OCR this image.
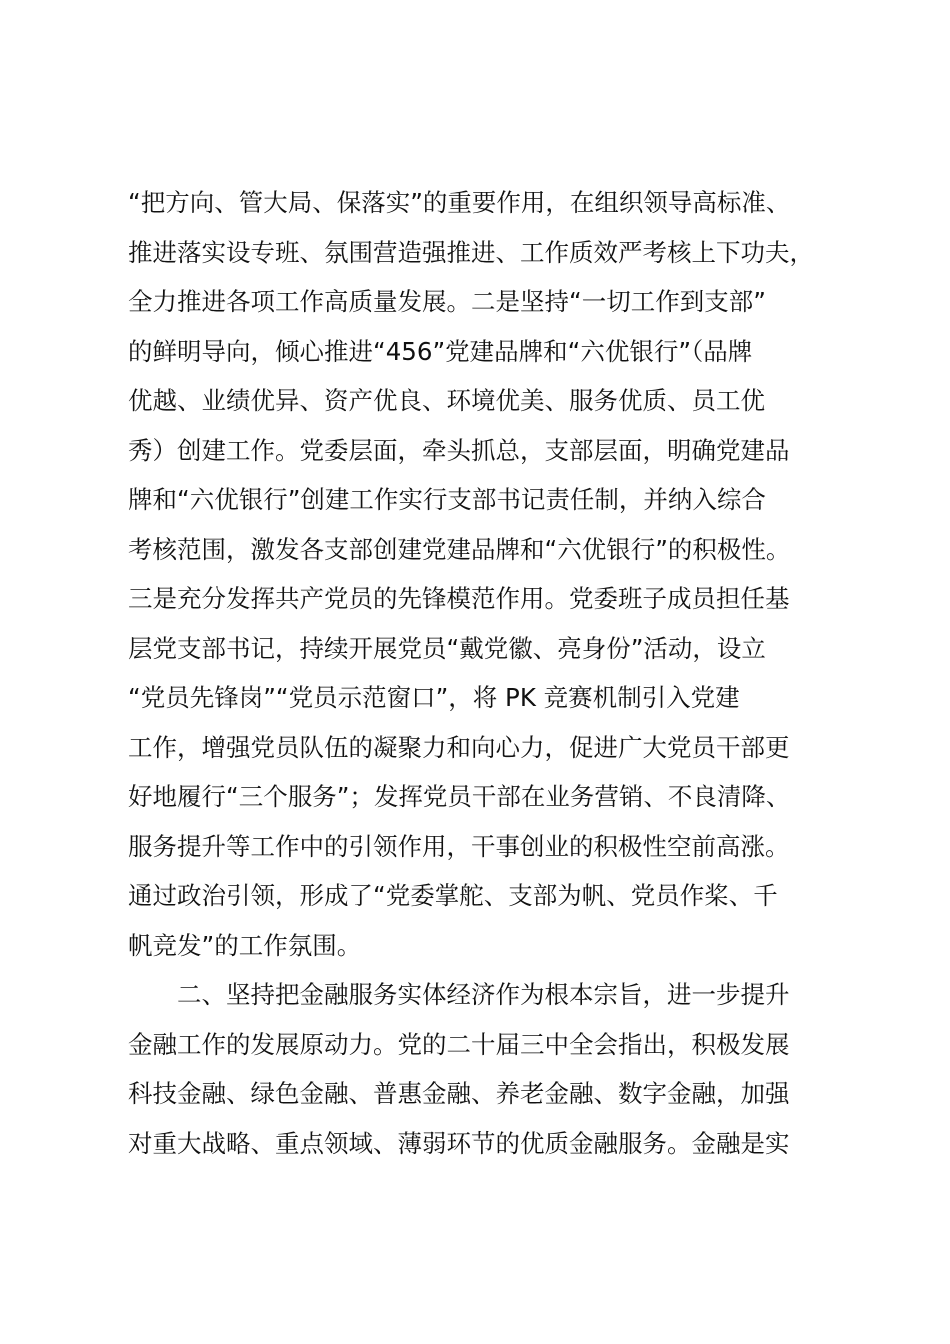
“把方向、管大局、保落实”的重要作用，在组织领导高标准、
推进落实设专班、氛围营造强推进、工作质效严考核上下功夫，
全力推进各项工作高质量发展。二是坚持“一切工作到支部”
的鲜明导向，倾心推进“456”党建品牌和“六优银行”（品牌
优越、业绩优异、资产优良、环境优美、服务优质、员工优
秀）创建工作。党委层面，牵头抓总，支部层面，明确党建品
牌和“六优银行”创建工作实行支部书记责任制，并纳入综合
考核范围，激发各支部创建党建品牌和“六优银行”的积极性。
三是充分发挥共产党员的先锋模范作用。党委班子成员担任基
层党支部书记，持续开展党员“戴党徽、亮身份”活动，设立
“党员先锋岗”“党员示范窗口”，将 PK 竞赛机制引入党建
工作，增强党员队伍的凝聚力和向心力，促进广大党员干部更
好地履行“三个服务”；发挥党员干部在业务营销、不良清降、
服务提升等工作中的引领作用，干事创业的积极性空前高涨。
通过政治引领，形成了“党委掌舵、支部为帆、党员作桨、千
帆竞发”的工作氛围。
二、坚持把金融服务实体经济作为根本宗旨，进一步提升
金融工作的发展原动力。党的二十届三中全会指出，积极发展
科技金融、绿色金融、普惠金融、养老金融、数字金融，加强
对重大战略、重点领域、薄弱环节的优质金融服务。金融是实
